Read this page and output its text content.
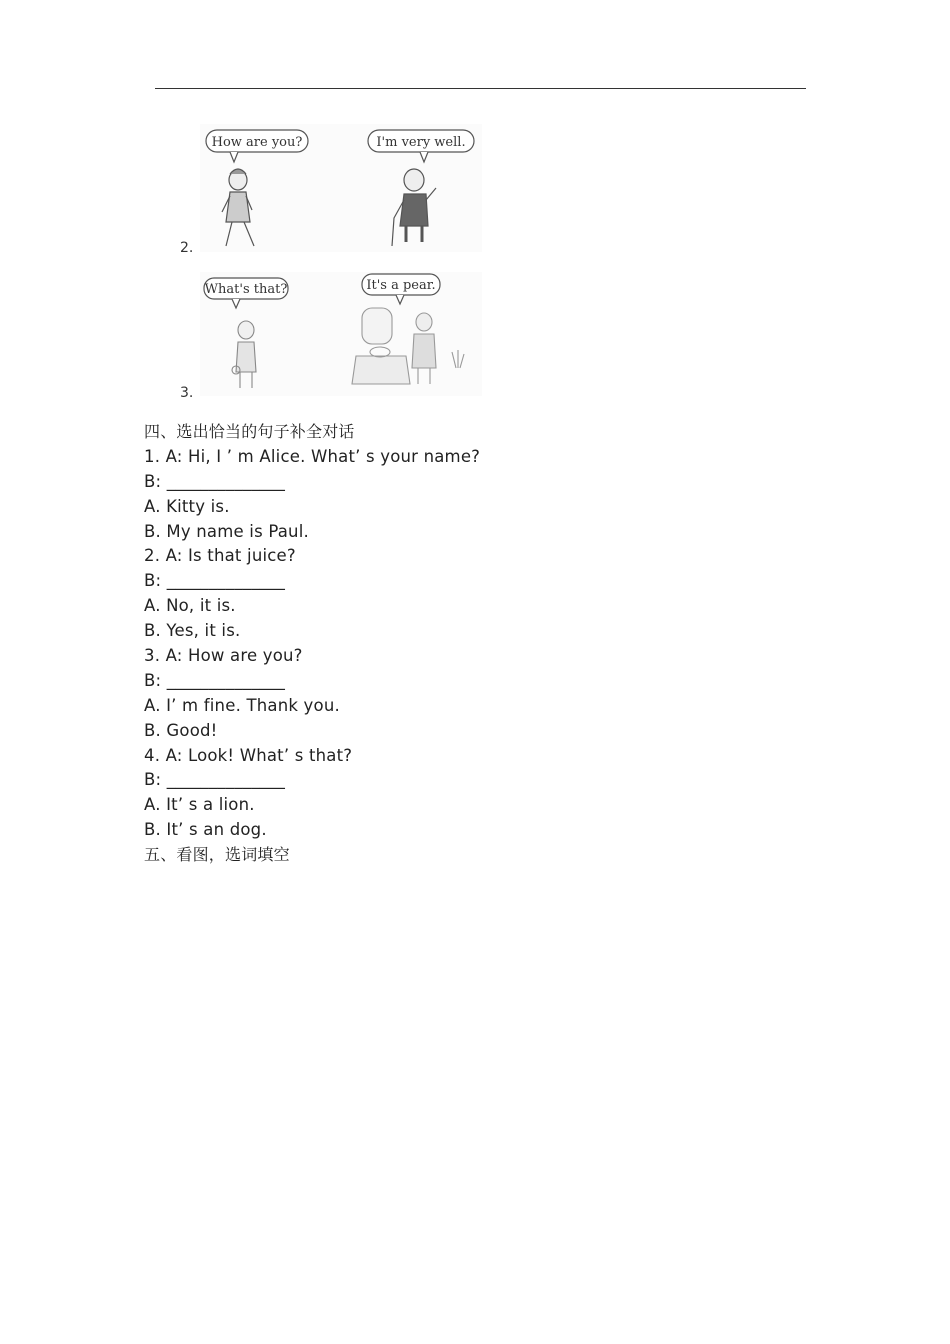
2.
How are you?	I'm very well.
3.
What's that?	It's a pear.
四、选出恰当的句子补全对话
1. A: Hi, I ’ m Alice. What’ s your name?
B: ______________
A. Kitty is.
B. My name is Paul.
2. A: Is that juice?
B: ______________
A. No, it is.
B. Yes, it is.
3. A: How are you?
B: ______________
A. I’ m fine. Thank you.
B. Good!
4. A: Look! What’ s that?
B: ______________
A. It’ s a lion.
B. It’ s an dog.
五、看图，选词填空
